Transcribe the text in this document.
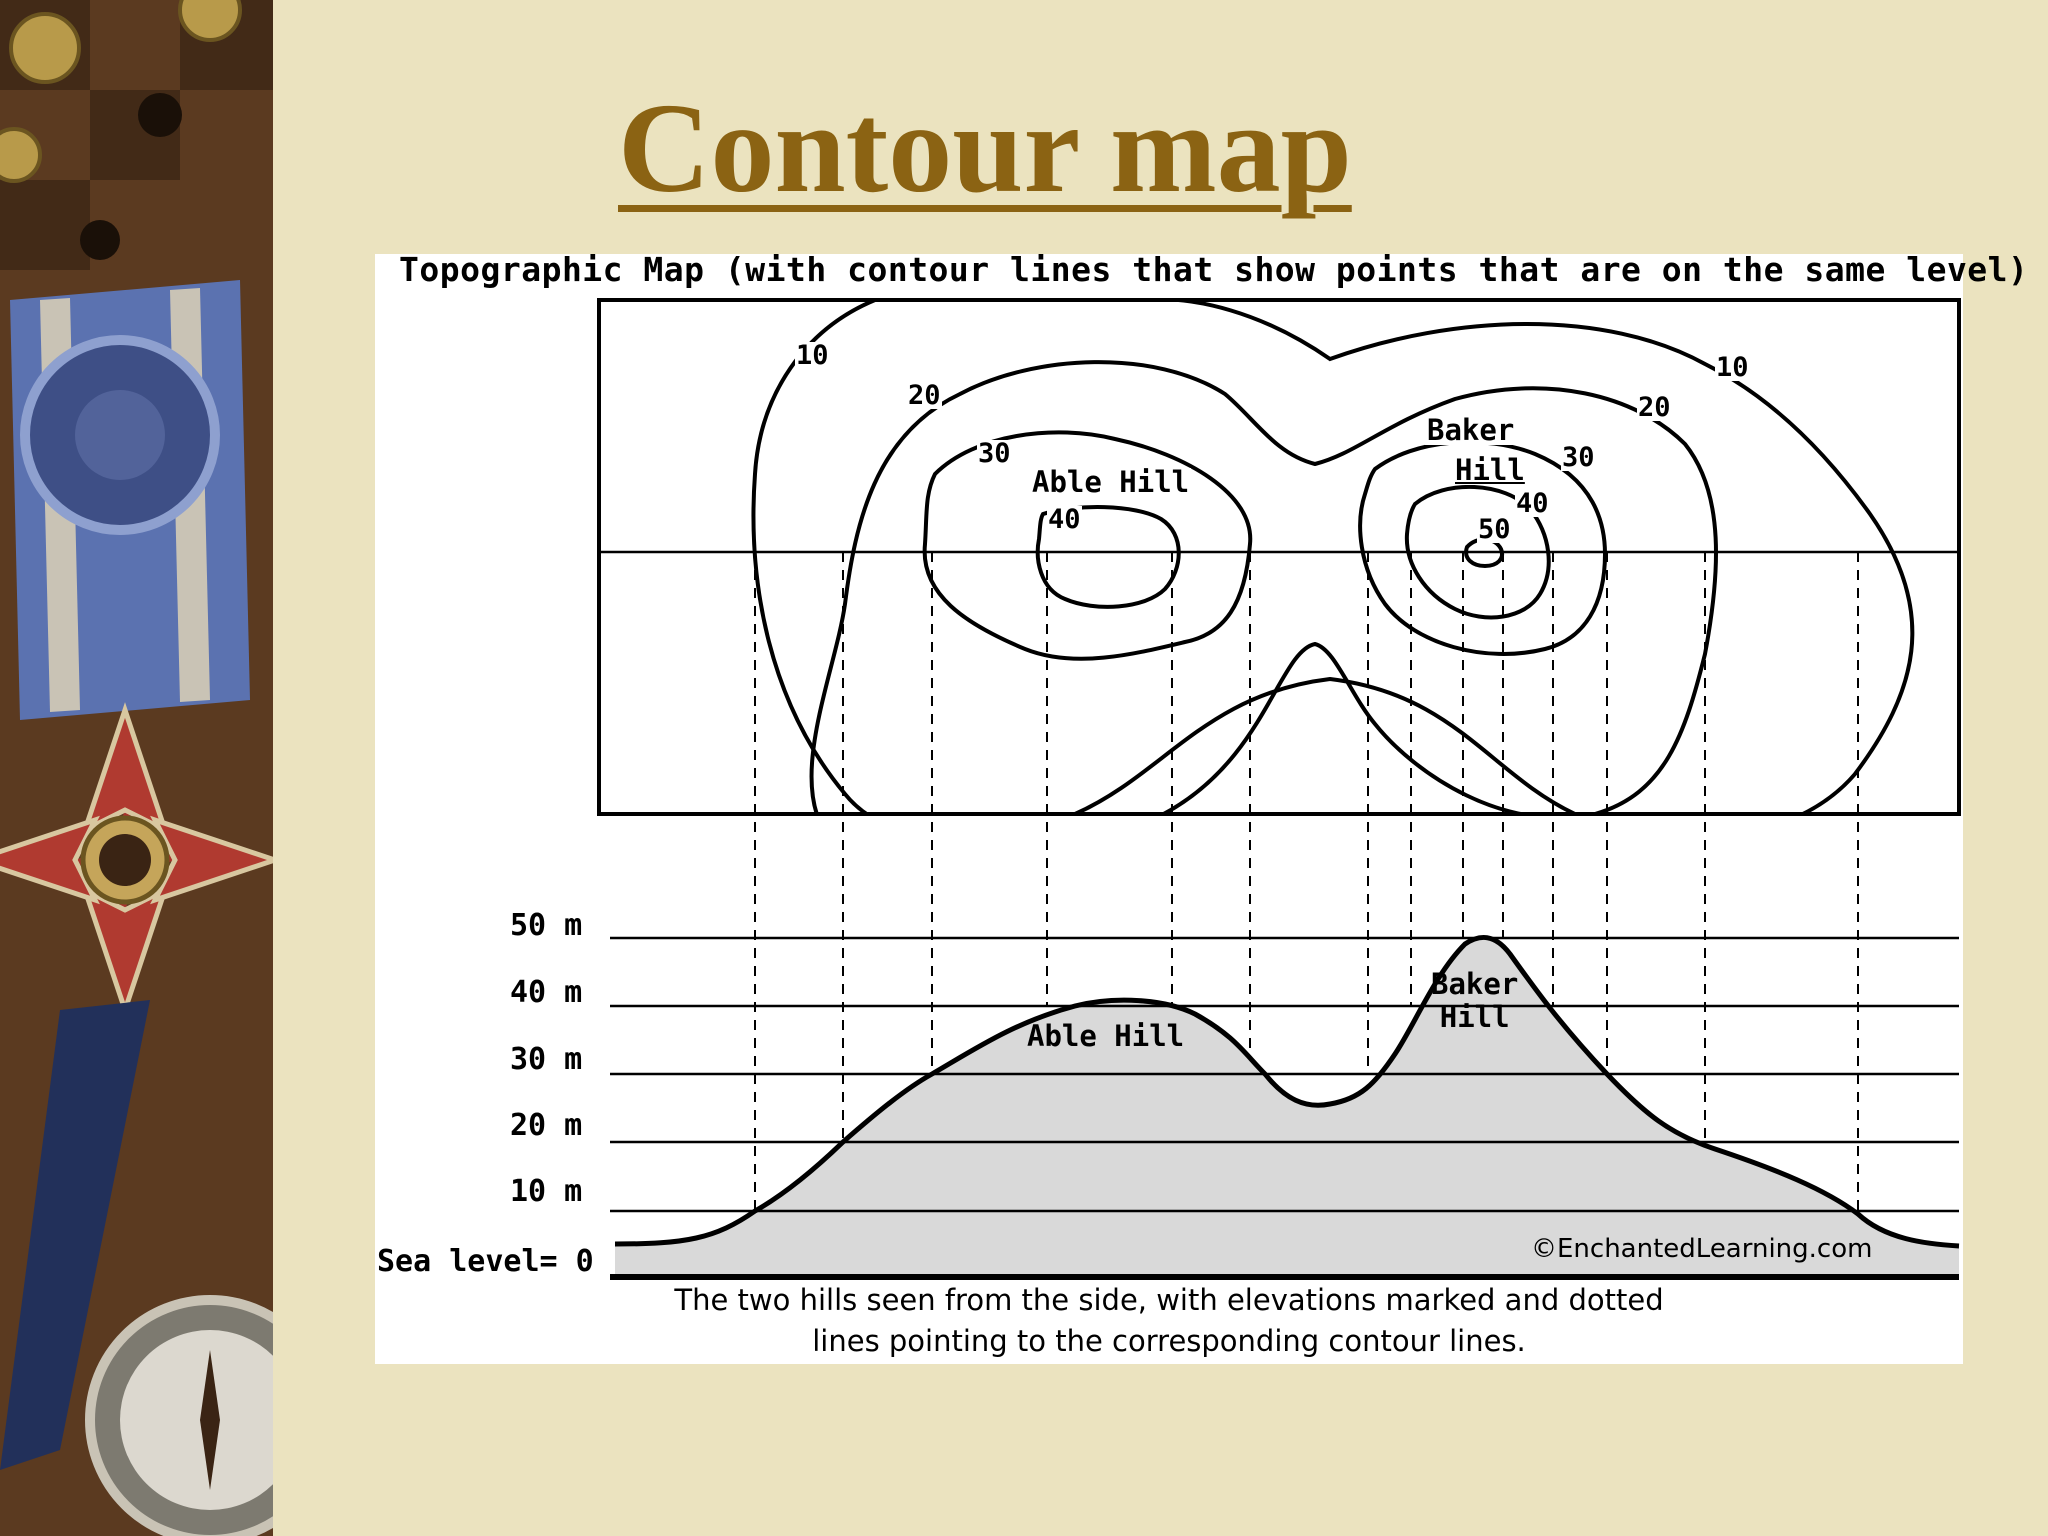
Contour map
Topographic Map (with contour lines that show points that are on the same level)
10
20
30
40
Able Hill
10
20
30
40
50
Baker
Hill
50 m
40 m
30 m
20 m
10 m
Sea level= 0
Able Hill
Baker
Hill
©EnchantedLearning.com
The two hills seen from the side, with elevations marked and dotted
lines pointing to the corresponding contour lines.
